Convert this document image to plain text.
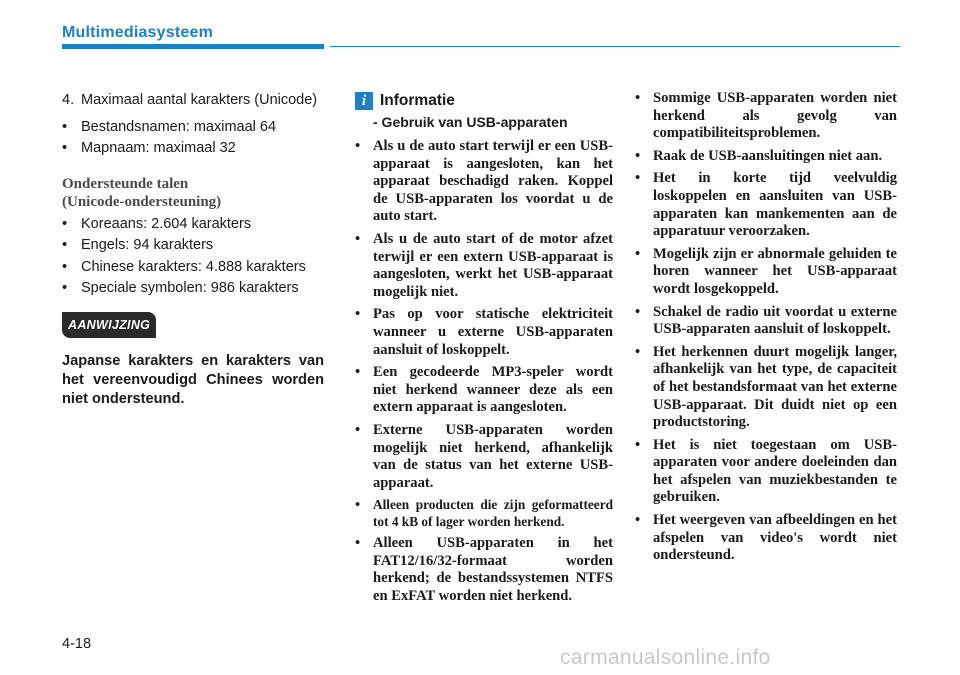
Multimediasysteem
4. Maximaal aantal karakters (Unicode)
• Bestandsnamen: maximaal 64
• Mapnaam: maximaal 32
Ondersteunde talen
(Unicode-ondersteuning)
• Koreaans: 2.604 karakters
• Engels: 94 karakters
• Chinese karakters: 4.888 karakters
• Speciale symbolen: 986 karakters
AANWIJZING
Japanse karakters en karakters van het vereenvoudigd Chinees worden niet ondersteund.
i Informatie
- Gebruik van USB-apparaten
• Als u de auto start terwijl er een USB-apparaat is aangesloten, kan het apparaat beschadigd raken. Koppel de USB-apparaten los voordat u de auto start.
• Als u de auto start of de motor afzet terwijl er een extern USB-apparaat is aangesloten, werkt het USB-apparaat mogelijk niet.
• Pas op voor statische elektriciteit wanneer u externe USB-apparaten aansluit of loskoppelt.
• Een gecodeerde MP3-speler wordt niet herkend wanneer deze als een extern apparaat is aangesloten.
• Externe USB-apparaten worden mogelijk niet herkend, afhankelijk van de status van het externe USB-apparaat.
• Alleen producten die zijn geformatteerd tot 4 kB of lager worden herkend.
• Alleen USB-apparaten in het FAT12/16/32-formaat worden herkend; de bestandssystemen NTFS en ExFAT worden niet herkend.
• Sommige USB-apparaten worden niet herkend als gevolg van compatibiliteitsproblemen.
• Raak de USB-aansluitingen niet aan.
• Het in korte tijd veelvuldig loskoppelen en aansluiten van USB-apparaten kan mankementen aan de apparatuur veroorzaken.
• Mogelijk zijn er abnormale geluiden te horen wanneer het USB-apparaat wordt losgekoppeld.
• Schakel de radio uit voordat u externe USB-apparaten aansluit of loskoppelt.
• Het herkennen duurt mogelijk langer, afhankelijk van het type, de capaciteit of het bestandsformaat van het externe USB-apparaat. Dit duidt niet op een productstoring.
• Het is niet toegestaan om USB-apparaten voor andere doeleinden dan het afspelen van muziekbestanden te gebruiken.
• Het weergeven van afbeeldingen en het afspelen van video's wordt niet ondersteund.
4-18
carmanualsonline.info
